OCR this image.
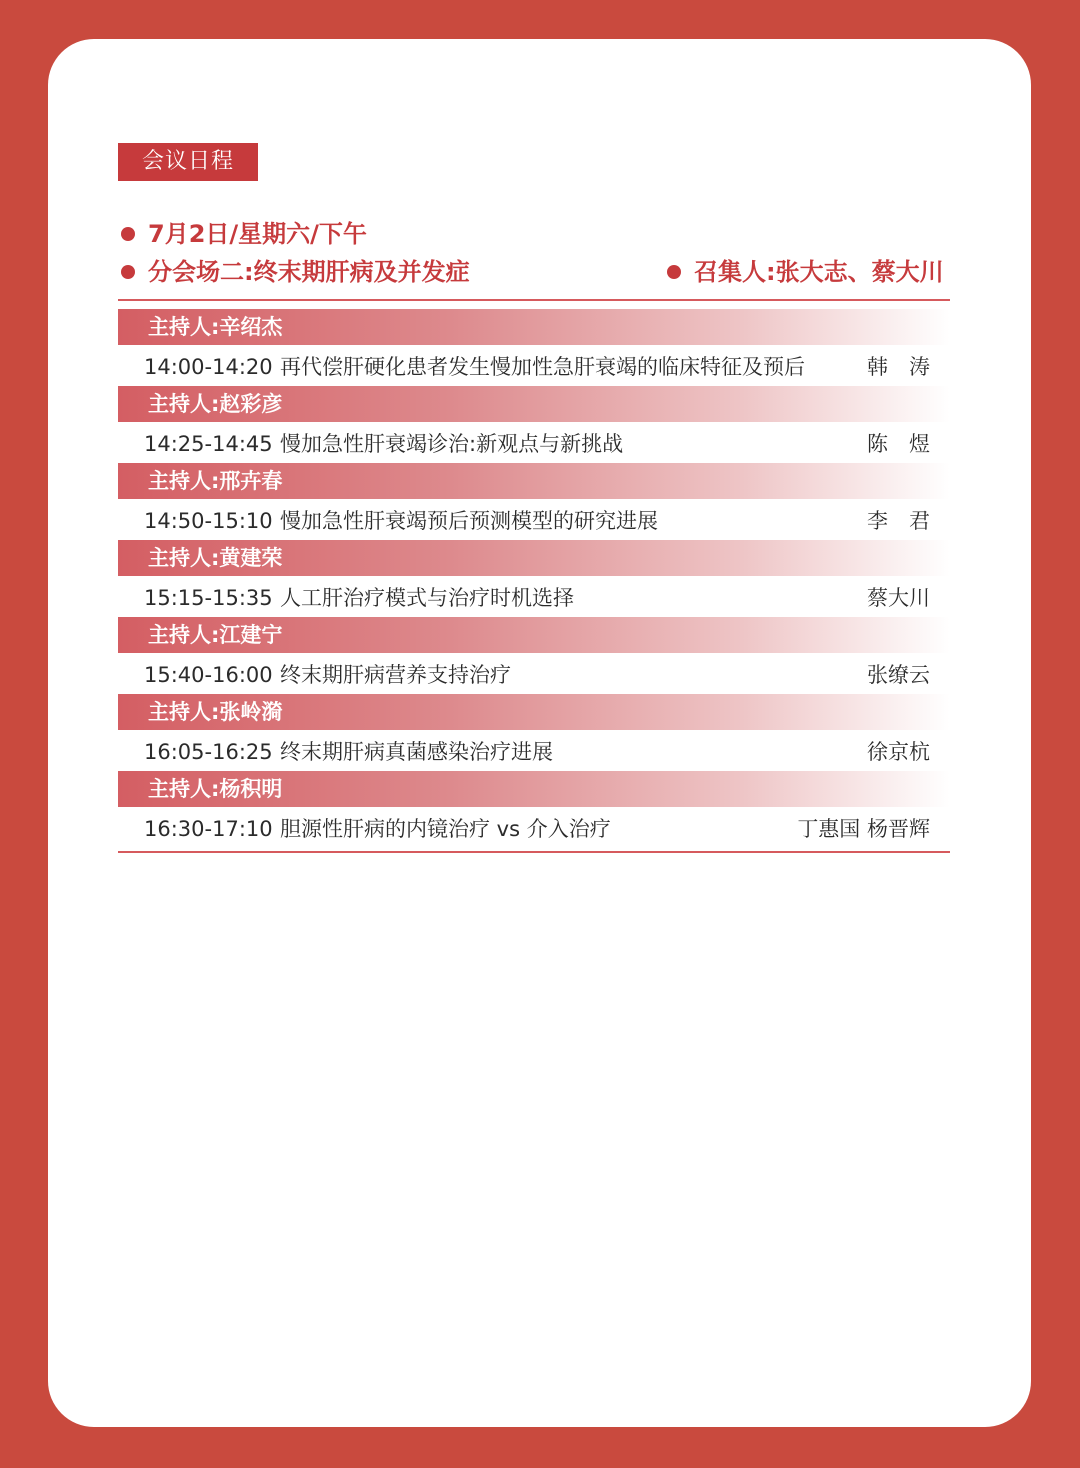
会议日程
7月2日/星期六/下午
分会场二:终末期肝病及并发症	召集人:张大志、蔡大川
主持人:辛绍杰
14:00-14:20 再代偿肝硬化患者发生慢加性急肝衰竭的临床特征及预后	韩　涛
主持人:赵彩彦
14:25-14:45 慢加急性肝衰竭诊治:新观点与新挑战	陈　煜
主持人:邢卉春
14:50-15:10 慢加急性肝衰竭预后预测模型的研究进展	李　君
主持人:黄建荣
15:15-15:35 人工肝治疗模式与治疗时机选择	蔡大川
主持人:江建宁
15:40-16:00 终末期肝病营养支持治疗	张缭云
主持人:张岭漪
16:05-16:25 终末期肝病真菌感染治疗进展	徐京杭
主持人:杨积明
16:30-17:10 胆源性肝病的内镜治疗 vs 介入治疗	丁惠国 杨晋辉
